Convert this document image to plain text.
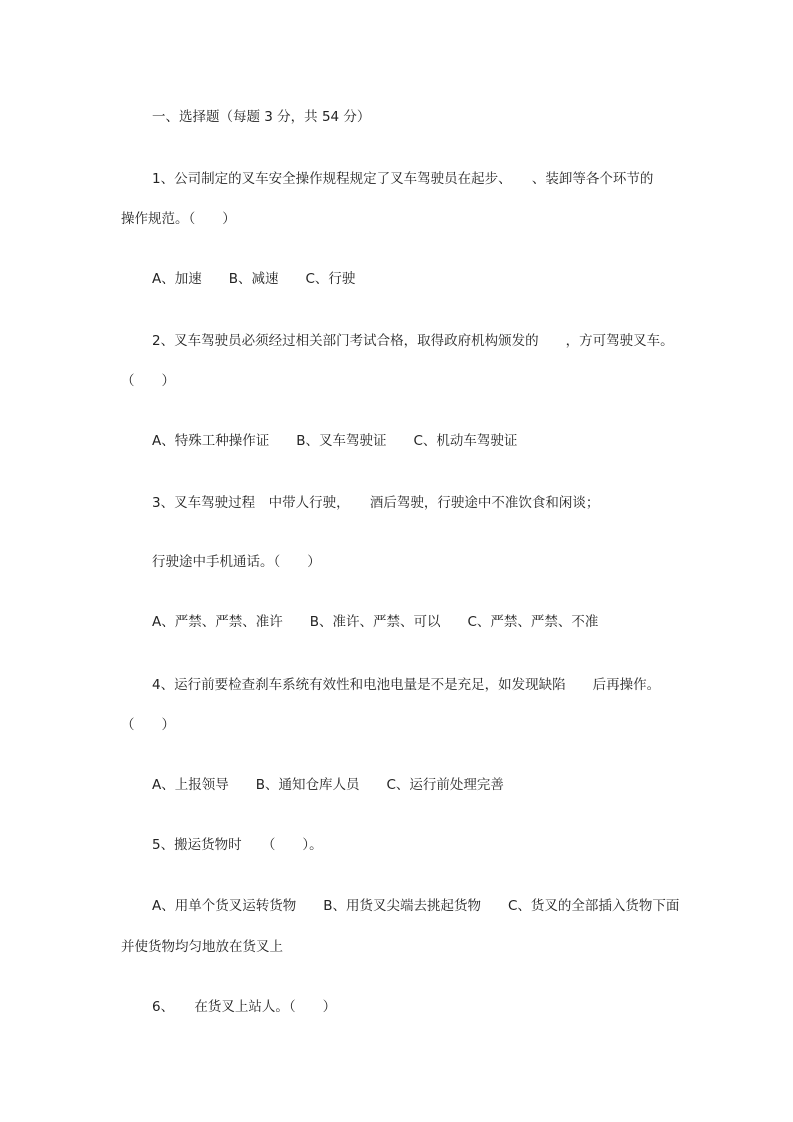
一、选择题（每题 3 分，共 54 分）
1、公司制定的叉车安全操作规程规定了叉车驾驶员在起步、　　、装卸等各个环节的
操作规范。（　　）
A、加速　　B、减速　　C、行驶
2、叉车驾驶员必须经过相关部门考试合格，取得政府机构颁发的　　，方可驾驶叉车。
（　　）
A、特殊工种操作证　　B、叉车驾驶证　　C、机动车驾驶证
3、叉车驾驶过程　中带人行驶，　　酒后驾驶，行驶途中不准饮食和闲谈；
行驶途中手机通话。（　　）
A、严禁、严禁、准许　　B、准许、严禁、可以　　C、严禁、严禁、不准
4、运行前要检查刹车系统有效性和电池电量是不是充足，如发现缺陷　　后再操作。
（　　）
A、上报领导　　B、通知仓库人员　　C、运行前处理完善
5、搬运货物时　　（　　）。
A、用单个货叉运转货物　　B、用货叉尖端去挑起货物　　C、货叉的全部插入货物下面
并使货物均匀地放在货叉上
6、　　在货叉上站人。（　　）
